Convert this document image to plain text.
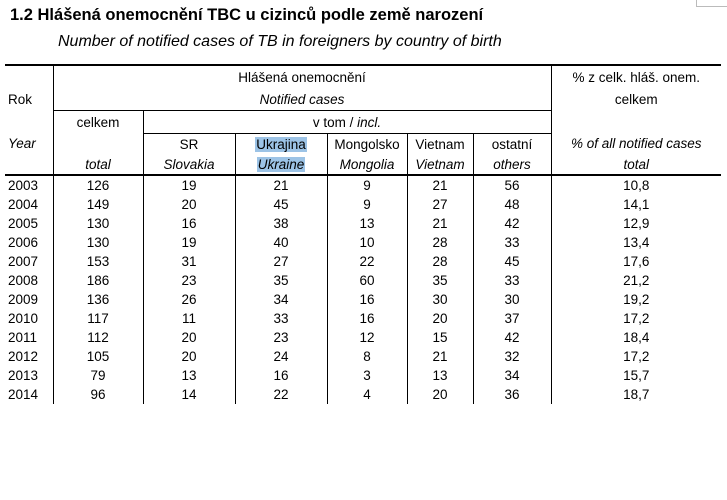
1.2 Hlášená onemocnění TBC u cizinců podle země narození
Number of notified cases of TB in foreigners by country of birth
	Hlášená onemocnění						% z celk. hláš. onem.
Rok	Notified cases						celkem
	celkem	v tom / incl.					
Year		SR	Ukrajina	Mongolsko	Vietnam	ostatní	% of all notified cases
	total	Slovakia	Ukraine	Mongolia	Vietnam	others	total
2003	126	19	21	9	21	56	10,8
2004	149	20	45	9	27	48	14,1
2005	130	16	38	13	21	42	12,9
2006	130	19	40	10	28	33	13,4
2007	153	31	27	22	28	45	17,6
2008	186	23	35	60	35	33	21,2
2009	136	26	34	16	30	30	19,2
2010	117	11	33	16	20	37	17,2
2011	112	20	23	12	15	42	18,4
2012	105	20	24	8	21	32	17,2
2013	79	13	16	3	13	34	15,7
2014	96	14	22	4	20	36	18,7
